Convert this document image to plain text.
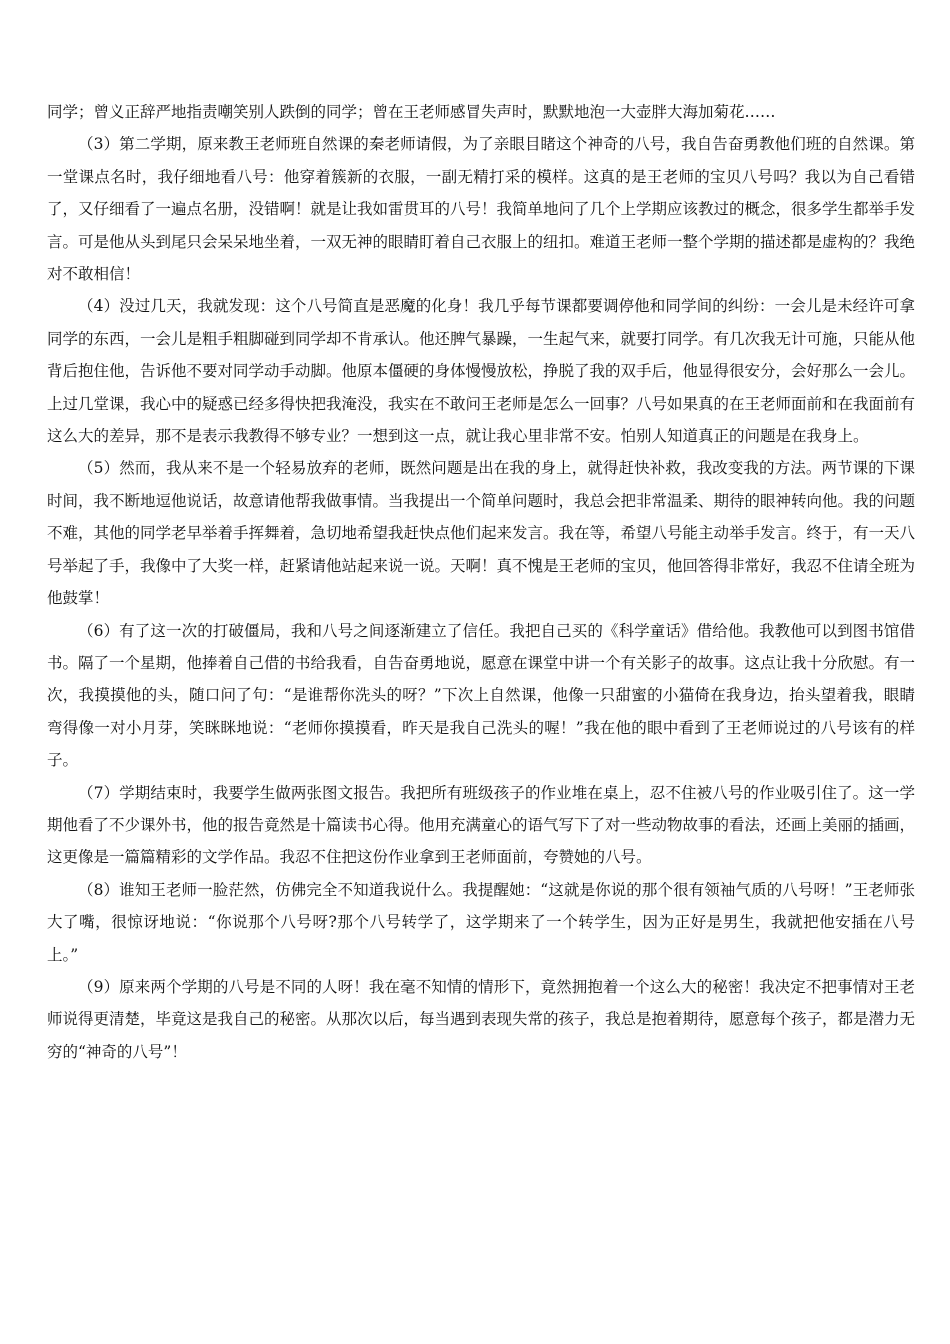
同学；曾义正辞严地指责嘲笑别人跌倒的同学；曾在王老师感冒失声时，默默地泡一大壶胖大海加菊花……

（3）第二学期，原来教王老师班自然课的秦老师请假，为了亲眼目睹这个神奇的八号，我自告奋勇教他们班的自然课。第一堂课点名时，我仔细地看八号：他穿着簇新的衣服，一副无精打采的模样。这真的是王老师的宝贝八号吗？我以为自己看错了，又仔细看了一遍点名册，没错啊！就是让我如雷贯耳的八号！我简单地问了几个上学期应该教过的概念，很多学生都举手发言。可是他从头到尾只会呆呆地坐着，一双无神的眼睛盯着自己衣服上的纽扣。难道王老师一整个学期的描述都是虚构的？我绝对不敢相信！

（4）没过几天，我就发现：这个八号简直是恶魔的化身！我几乎每节课都要调停他和同学间的纠纷：一会儿是未经许可拿同学的东西，一会儿是粗手粗脚碰到同学却不肯承认。他还脾气暴躁，一生起气来，就要打同学。有几次我无计可施，只能从他背后抱住他，告诉他不要对同学动手动脚。他原本僵硬的身体慢慢放松，挣脱了我的双手后，他显得很安分，会好那么一会儿。上过几堂课，我心中的疑惑已经多得快把我淹没，我实在不敢问王老师是怎么一回事？八号如果真的在王老师面前和在我面前有这么大的差异，那不是表示我教得不够专业？一想到这一点，就让我心里非常不安。怕别人知道真正的问题是在我身上。

（5）然而，我从来不是一个轻易放弃的老师，既然问题是出在我的身上，就得赶快补救，我改变我的方法。两节课的下课时间，我不断地逗他说话，故意请他帮我做事情。当我提出一个简单问题时，我总会把非常温柔、期待的眼神转向他。我的问题不难，其他的同学老早举着手挥舞着，急切地希望我赶快点他们起来发言。我在等，希望八号能主动举手发言。终于，有一天八号举起了手，我像中了大奖一样，赶紧请他站起来说一说。天啊！真不愧是王老师的宝贝，他回答得非常好，我忍不住请全班为他鼓掌！

（6）有了这一次的打破僵局，我和八号之间逐渐建立了信任。我把自己买的《科学童话》借给他。我教他可以到图书馆借书。隔了一个星期，他捧着自己借的书给我看，自告奋勇地说，愿意在课堂中讲一个有关影子的故事。这点让我十分欣慰。有一次，我摸摸他的头，随口问了句：“是谁帮你洗头的呀？”下次上自然课，他像一只甜蜜的小猫倚在我身边，抬头望着我，眼睛弯得像一对小月芽，笑眯眯地说：“老师你摸摸看，昨天是我自己洗头的喔！”我在他的眼中看到了王老师说过的八号该有的样子。

（7）学期结束时，我要学生做两张图文报告。我把所有班级孩子的作业堆在桌上，忍不住被八号的作业吸引住了。这一学期他看了不少课外书，他的报告竟然是十篇读书心得。他用充满童心的语气写下了对一些动物故事的看法，还画上美丽的插画，这更像是一篇篇精彩的文学作品。我忍不住把这份作业拿到王老师面前，夸赞她的八号。

（8）谁知王老师一脸茫然，仿佛完全不知道我说什么。我提醒她：“这就是你说的那个很有领袖气质的八号呀！”王老师张大了嘴，很惊讶地说：“你说那个八号呀?那个八号转学了，这学期来了一个转学生，因为正好是男生，我就把他安插在八号上。”

（9）原来两个学期的八号是不同的人呀！我在毫不知情的情形下，竟然拥抱着一个这么大的秘密！我决定不把事情对王老师说得更清楚，毕竟这是我自己的秘密。从那次以后，每当遇到表现失常的孩子，我总是抱着期待，愿意每个孩子，都是潜力无穷的“神奇的八号”！
